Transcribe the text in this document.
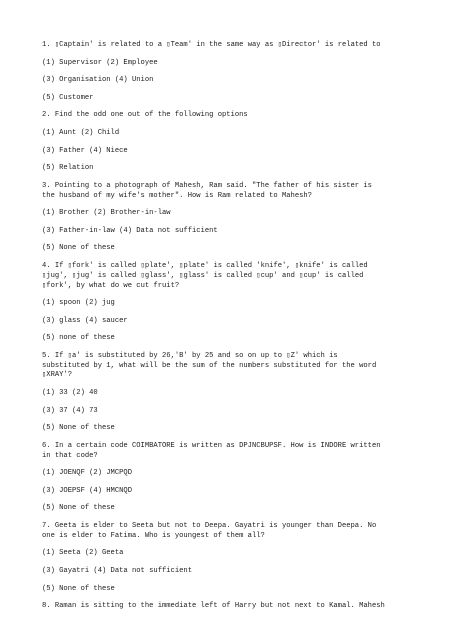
1. ▯Captain' is related to a ▯Team' in the same way as ▯Director' is related to

(1) Supervisor (2) Employee

(3) Organisation (4) Union

(5) Customer

2. Find the odd one out of the following options

(1) Aunt (2) Child

(3) Father (4) Niece

(5) Relation

3. Pointing to a photograph of Mahesh, Ram said. "The father of his sister is
the husband of my wife's mother". How is Ram related to Mahesh?

(1) Brother (2) Brother-in-law

(3) Father-in-law (4) Data not sufficient

(5) None of these

4. If ▯fork' is called ▯plate', ▯plate' is called 'knife', ▯knife' is called
▯jug', ▯jug' is called ▯glass', ▯glass' is called ▯cup' and ▯cup' is called
▯fork', by what do we cut fruit?

(1) spoon (2) jug

(3) glass (4) saucer

(5) none of these

5. If ▯a' is substituted by 26,'B' by 25 and so on up to ▯Z' which is
substituted by 1, what will be the sum of the numbers substituted for the word
▯XRAY'?

(1) 33 (2) 40

(3) 37 (4) 73

(5) None of these

6. In a certain code COIMBATORE is written as DPJNCBUPSF. How is INDORE written
in that code?

(1) JOENQF (2) JMCPQD

(3) JOEPSF (4) HMCNQD

(5) None of these

7. Geeta is elder to Seeta but not to Deepa. Gayatri is younger than Deepa. No
one is elder to Fatima. Who is youngest of them all?

(1) Seeta (2) Geeta

(3) Gayatri (4) Data not sufficient

(5) None of these

8. Raman is sitting to the immediate left of Harry but not next to Kamal. Mahesh
